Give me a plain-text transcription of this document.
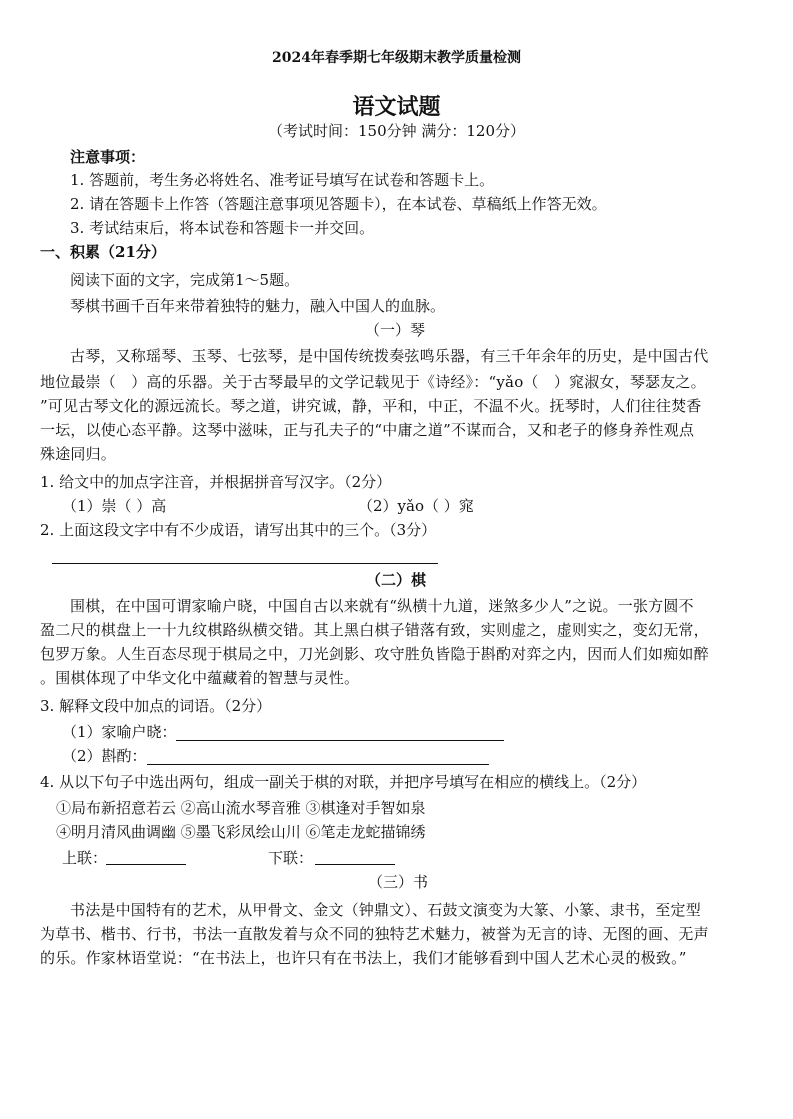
2024年春季期七年级期末教学质量检测
语文试题
（考试时间：150分钟 满分：120分）
注意事项：
1. 答题前，考生务必将姓名、准考证号填写在试卷和答题卡上。
2. 请在答题卡上作答（答题注意事项见答题卡），在本试卷、草稿纸上作答无效。
3. 考试结束后，将本试卷和答题卡一并交回。
一、积累（21分）
阅读下面的文字，完成第1～5题。
琴棋书画千百年来带着独特的魅力，融入中国人的血脉。
（一）琴
古琴，又称瑶琴、玉琴、七弦琴，是中国传统拨奏弦鸣乐器，有三千年余年的历史，是中国古代
地位最崇（　）高的乐器。关于古琴最早的文学记载见于《诗经》：“yǎo（　）窕淑女，琴瑟友之。
”可见古琴文化的源远流长。琴之道，讲究诚，静，平和，中正，不温不火。抚琴时，人们往往焚香
一坛，以使心态平静。这琴中滋味，正与孔夫子的“中庸之道”不谋而合，又和老子的修身养性观点
殊途同归。
1. 给文中的加点字注音，并根据拼音写汉字。（2分）
（1）崇（ ）高	（2）yǎo（ ）窕
2. 上面这段文字中有不少成语，请写出其中的三个。（3分）
（二）棋
围棋，在中国可谓家喻户晓，中国自古以来就有“纵横十九道，迷煞多少人”之说。一张方圆不
盈二尺的棋盘上一十九纹棋路纵横交错。其上黑白棋子错落有致，实则虚之，虚则实之，变幻无常，
包罗万象。人生百态尽现于棋局之中，刀光剑影、攻守胜负皆隐于斟酌对弈之内，因而人们如痴如醉
。围棋体现了中华文化中蕴藏着的智慧与灵性。
3. 解释文段中加点的词语。（2分）
（1）家喻户晓：
（2）斟酌：
4. 从以下句子中选出两句，组成一副关于棋的对联，并把序号填写在相应的横线上。（2分）
①局布新招意若云 ②高山流水琴音雅 ③棋逢对手智如泉
④明月清风曲调幽 ⑤墨飞彩凤绘山川 ⑥笔走龙蛇描锦绣
上联：	下联：
（三）书
书法是中国特有的艺术，从甲骨文、金文（钟鼎文）、石鼓文演变为大篆、小篆、隶书，至定型
为草书、楷书、行书，书法一直散发着与众不同的独特艺术魅力，被誉为无言的诗、无图的画、无声
的乐。作家林语堂说：“在书法上，也许只有在书法上，我们才能够看到中国人艺术心灵的极致。”
